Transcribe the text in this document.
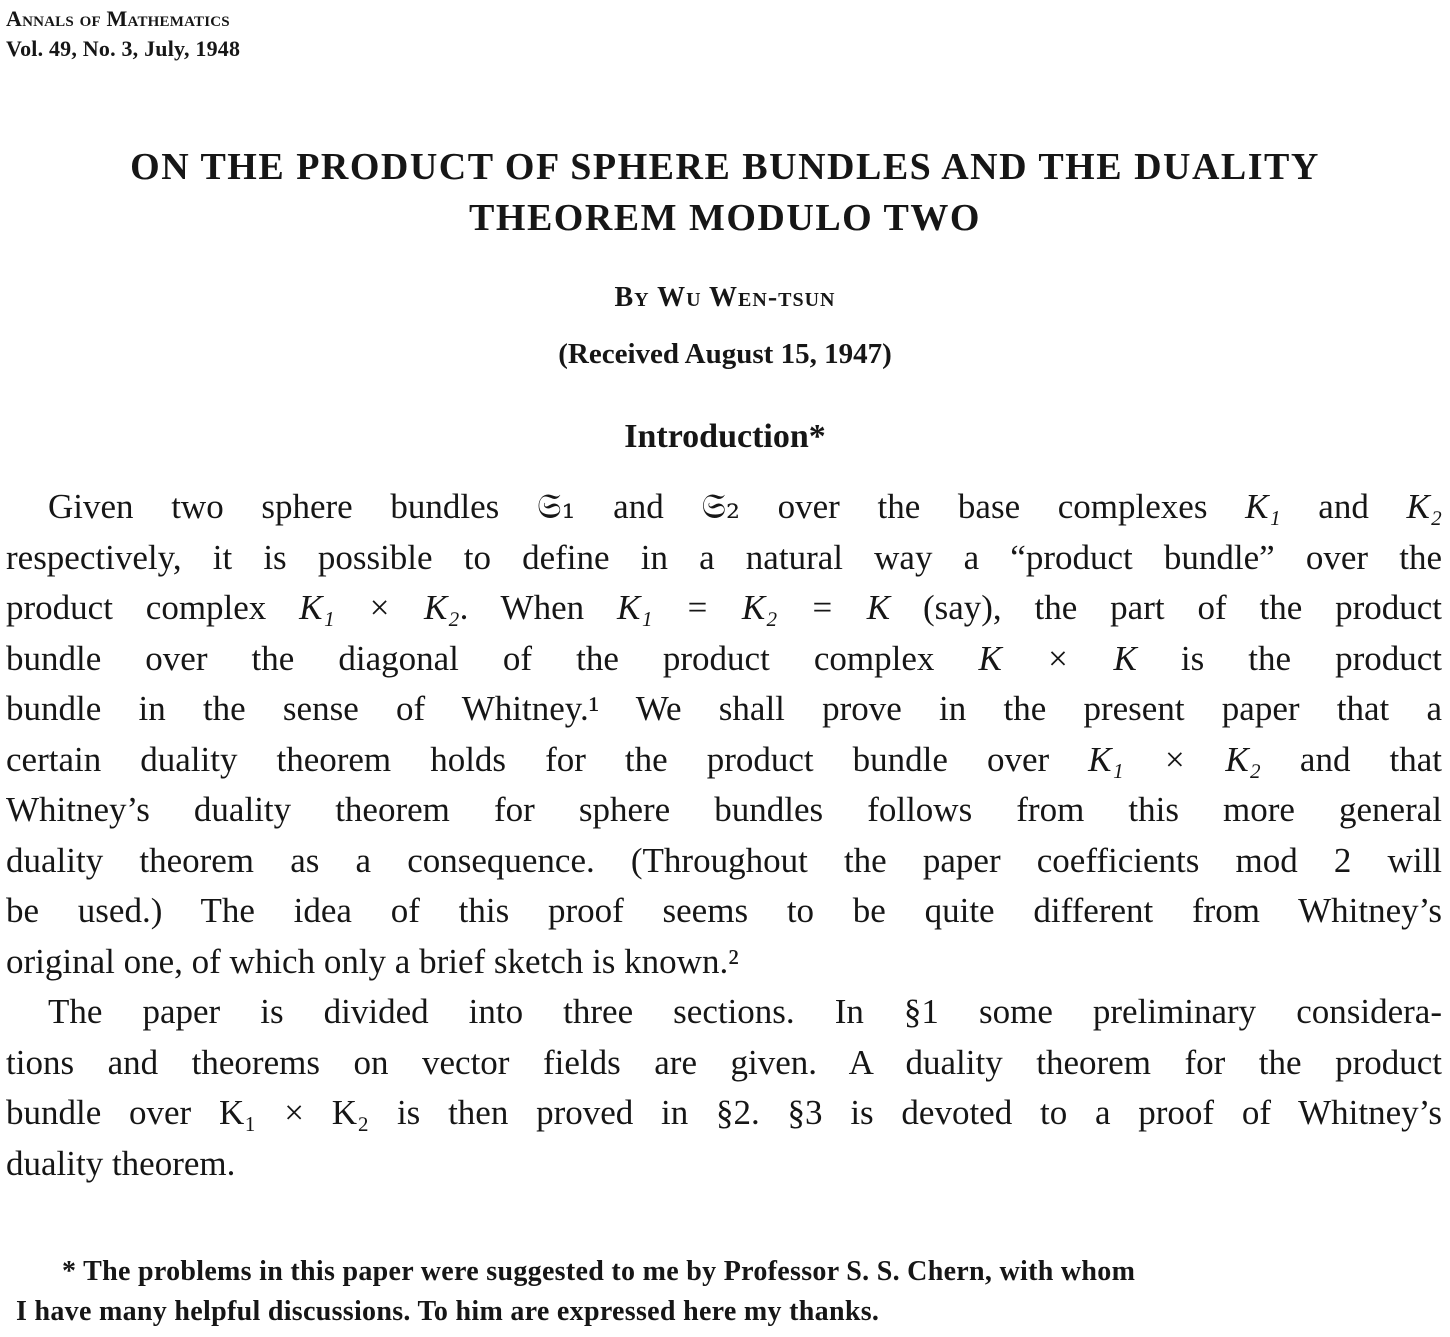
Annals of Mathematics
Vol. 49, No. 3, July, 1948
ON THE PRODUCT OF SPHERE BUNDLES AND THE DUALITY
THEOREM MODULO TWO
By Wu Wen-tsun
(Received August 15, 1947)
Introduction*
Given two sphere bundles 𝔖₁ and 𝔖₂ over the base complexes K₁ and K₂
respectively, it is possible to define in a natural way a “product bundle” over the
product complex K₁ × K₂. When K₁ = K₂ = K (say), the part of the product
bundle over the diagonal of the product complex K × K is the product
bundle in the sense of Whitney.¹ We shall prove in the present paper that a
certain duality theorem holds for the product bundle over K₁ × K₂ and that
Whitney’s duality theorem for sphere bundles follows from this more general
duality theorem as a consequence. (Throughout the paper coefficients mod 2 will
be used.) The idea of this proof seems to be quite different from Whitney’s
original one, of which only a brief sketch is known.²
The paper is divided into three sections. In §1 some preliminary considera-
tions and theorems on vector fields are given. A duality theorem for the product
bundle over K₁ × K₂ is then proved in §2. §3 is devoted to a proof of Whitney’s
duality theorem.
* The problems in this paper were suggested to me by Professor S. S. Chern, with whom
I have many helpful discussions. To him are expressed here my thanks.
